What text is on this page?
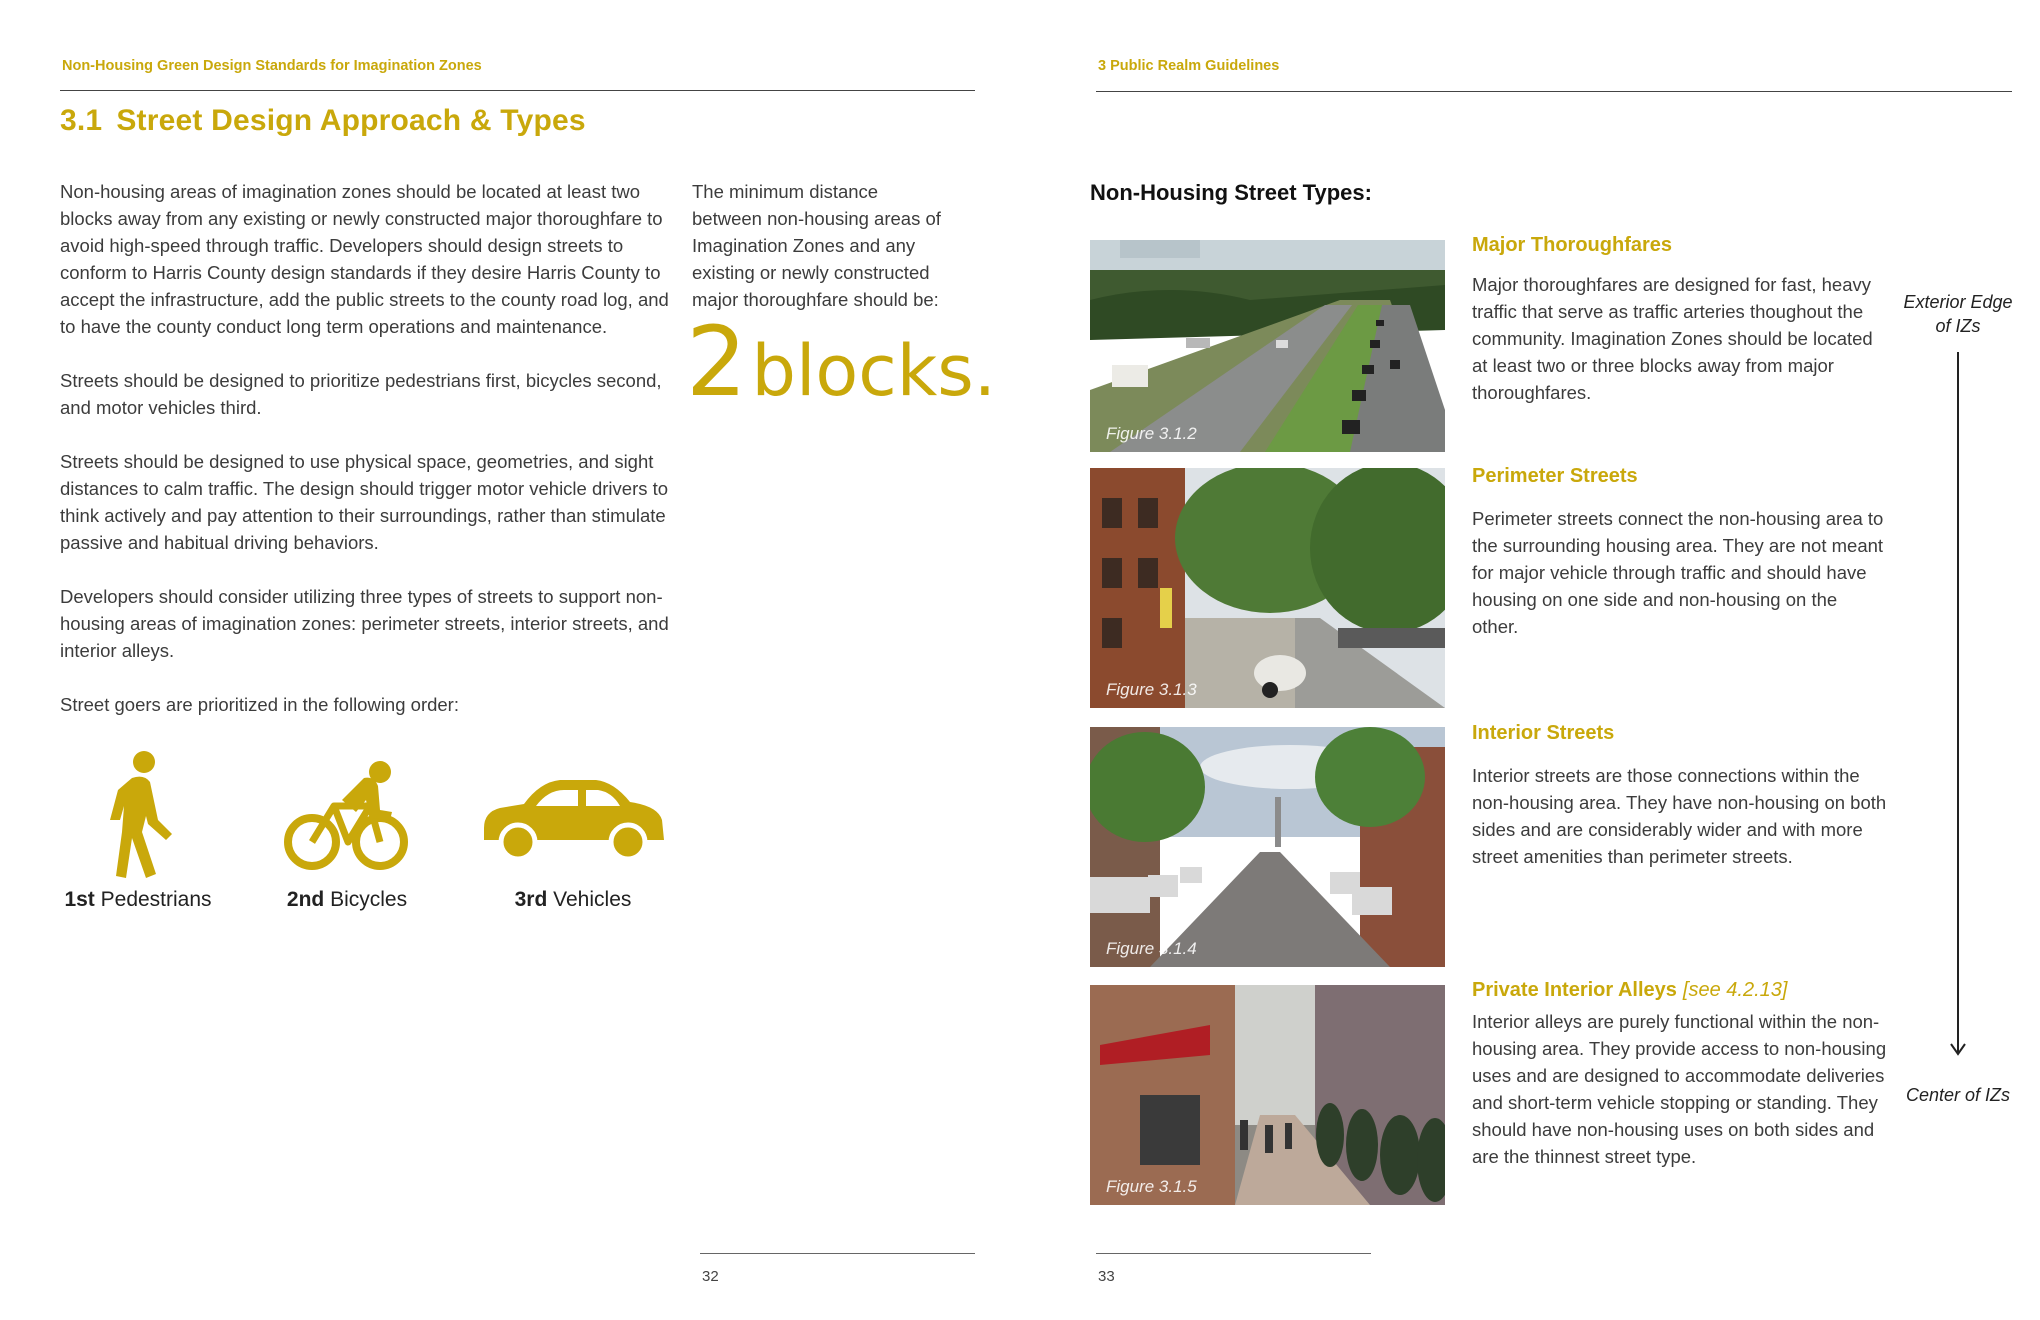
Non-Housing Green Design Standards for Imagination Zones
3.1 Street Design Approach & Types

Non-housing areas of imagination zones should be located at least two blocks away from any existing or newly constructed major thoroughfare to avoid high-speed through traffic. Developers should design streets to conform to Harris County design standards if they desire Harris County to accept the infrastructure, add the public streets to the county road log, and to have the county conduct long term operations and maintenance.

Streets should be designed to prioritize pedestrians first, bicycles second, and motor vehicles third.

Streets should be designed to use physical space, geometries, and sight distances to calm traffic. The design should trigger motor vehicle drivers to think actively and pay attention to their surroundings, rather than stimulate passive and habitual driving behaviors.

Developers should consider utilizing three types of streets to support non-housing areas of imagination zones: perimeter streets, interior streets, and interior alleys.

Street goers are prioritized in the following order:

The minimum distance between non-housing areas of Imagination Zones and any existing or newly constructed major thoroughfare should be:
2 blocks.
1st Pedestrians	2nd Bicycles	3rd Vehicles
32
3 Public Realm Guidelines
Non-Housing Street Types:
Figure 3.1.2
Figure 3.1.3
Figure 3.1.4
Figure 3.1.5
Major Thoroughfares
Major thoroughfares are designed for fast, heavy traffic that serve as traffic arteries thoughout the community. Imagination Zones should be located at least two or three blocks away from major thoroughfares.
Perimeter Streets
Perimeter streets connect the non-housing area to the surrounding housing area. They are not meant for major vehicle through traffic and should have housing on one side and non-housing on the other.
Interior Streets
Interior streets are those connections within the non-housing area. They have non-housing on both sides and are considerably wider and with more street amenities than perimeter streets.
Private Interior Alleys [see 4.2.13]
Interior alleys are purely functional within the non-housing area. They provide access to non-housing uses and are designed to accommodate deliveries and short-term vehicle stopping or standing. They should have non-housing uses on both sides and are the thinnest street type.
Exterior Edge of IZs
Center of IZs
33
